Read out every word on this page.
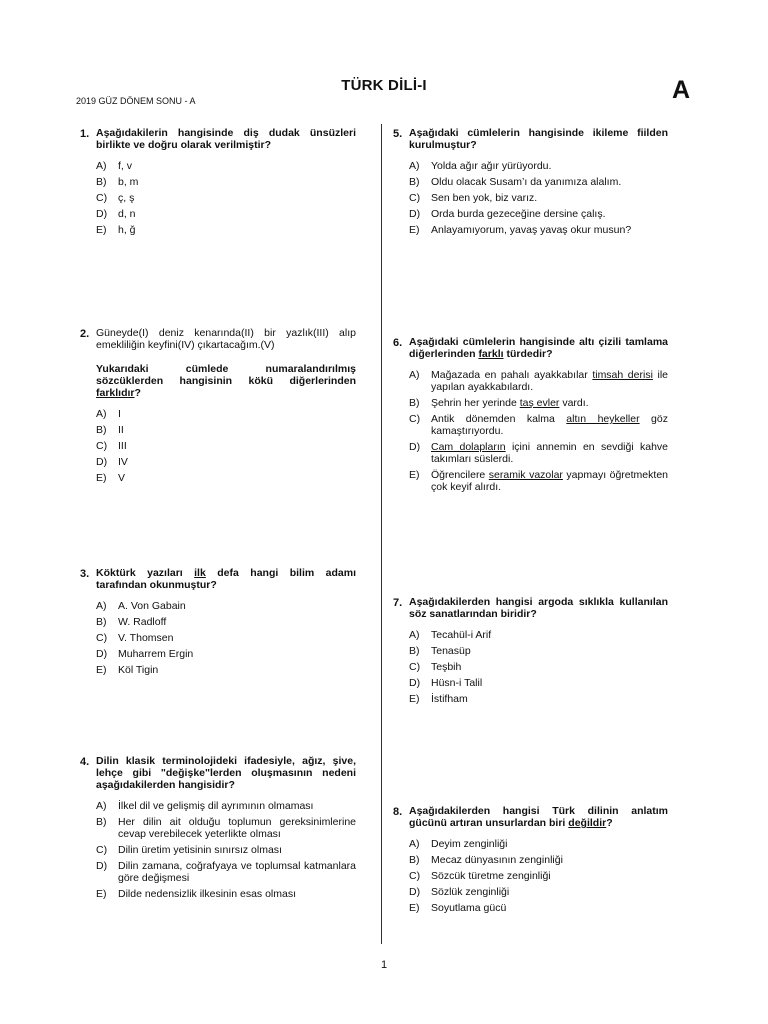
TÜRK DİLİ-I
2019 GÜZ DÖNEM SONU - A	A
1. Aşağıdakilerin hangisinde diş dudak ünsüzleri birlikte ve doğru olarak verilmiştir?
A)	f, v
B)	b, m
C)	ç, ş
D)	d, n
E)	h, ğ
2. Güneyde(I) deniz kenarında(II) bir yazlık(III) alıp emekliliğin keyfini(IV) çıkartacağım.(V)
Yukarıdaki cümlede numaralandırılmış sözcüklerden hangisinin kökü diğerlerinden farklıdır?
A)	I
B)	II
C)	III
D)	IV
E)	V
3. Köktürk yazıları ilk defa hangi bilim adamı tarafından okunmuştur?
A)	A. Von Gabain
B)	W. Radloff
C)	V. Thomsen
D)	Muharrem Ergin
E)	Köl Tigin
4. Dilin klasik terminolojideki ifadesiyle, ağız, şive, lehçe gibi "değişke"lerden oluşmasının nedeni aşağıdakilerden hangisidir?
A)	İlkel dil ve gelişmiş dil ayrımının olmaması
B)	Her dilin ait olduğu toplumun gereksinimlerine cevap verebilecek yeterlikte olması
C)	Dilin üretim yetisinin sınırsız olması
D)	Dilin zamana, coğrafyaya ve toplumsal katmanlara göre değişmesi
E)	Dilde nedensizlik ilkesinin esas olması
5. Aşağıdaki cümlelerin hangisinde ikileme fiilden kurulmuştur?
A)	Yolda ağır ağır yürüyordu.
B)	Oldu olacak Susam’ı da yanımıza alalım.
C)	Sen ben yok, biz varız.
D)	Orda burda gezeceğine dersine çalış.
E)	Anlayamıyorum, yavaş yavaş okur musun?
6. Aşağıdaki cümlelerin hangisinde altı çizili tamlama diğerlerinden farklı türdedir?
A)	Mağazada en pahalı ayakkabılar timsah derisi ile yapılan ayakkabılardı.
B)	Şehrin her yerinde taş evler vardı.
C)	Antik dönemden kalma altın heykeller göz kamaştırıyordu.
D)	Cam dolapların içini annemin en sevdiği kahve takımları süslerdi.
E)	Öğrencilere seramik vazolar yapmayı öğretmekten çok keyif alırdı.
7. Aşağıdakilerden hangisi argoda sıklıkla kullanılan söz sanatlarından biridir?
A)	Tecahül-i Arif
B)	Tenasüp
C)	Teşbih
D)	Hüsn-i Talil
E)	İstifham
8. Aşağıdakilerden hangisi Türk dilinin anlatım gücünü artıran unsurlardan biri değildir?
A)	Deyim zenginliği
B)	Mecaz dünyasının zenginliği
C)	Sözcük türetme zenginliği
D)	Sözlük zenginliği
E)	Soyutlama gücü
1
